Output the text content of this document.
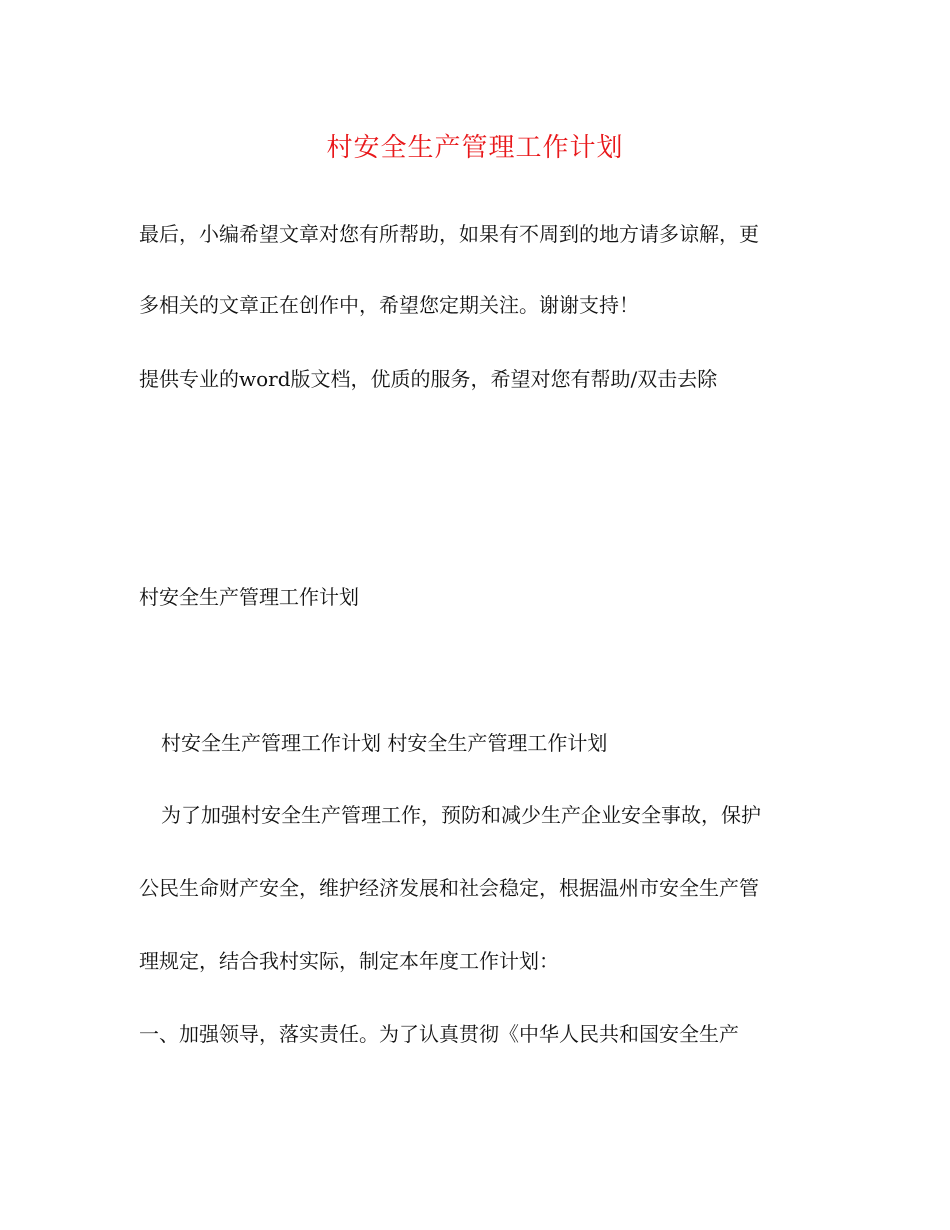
村安全生产管理工作计划
最后，小编希望文章对您有所帮助，如果有不周到的地方请多谅解，更
多相关的文章正在创作中，希望您定期关注。谢谢支持！
提供专业的word版文档，优质的服务，希望对您有帮助/双击去除
村安全生产管理工作计划
村安全生产管理工作计划 村安全生产管理工作计划
为了加强村安全生产管理工作，预防和减少生产企业安全事故，保护
公民生命财产安全，维护经济发展和社会稳定，根据温州市安全生产管
理规定，结合我村实际，制定本年度工作计划：
一、加强领导，落实责任。为了认真贯彻《中华人民共和国安全生产
